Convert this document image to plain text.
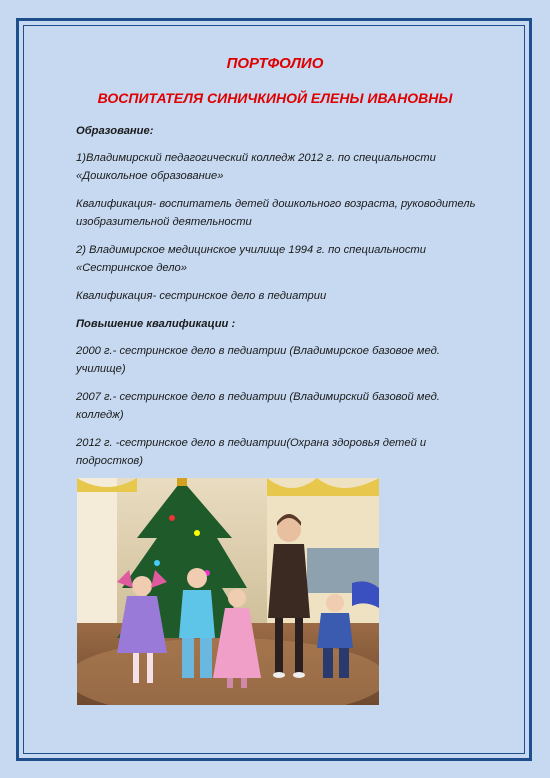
ПОРТФОЛИО
ВОСПИТАТЕЛЯ СИНИЧКИНОЙ ЕЛЕНЫ ИВАНОВНЫ
Образование:
1)Владимирский педагогический колледж 2012 г. по специальности
«Дошкольное образование»
Квалификация- воспитатель детей дошкольного возраста, руководитель
изобразительной деятельности
2) Владимирское медицинское училище 1994 г. по специальности
«Сестринское дело»
Квалификация- сестринское дело в педиатрии
Повышение квалификации :
2000 г.- сестринское дело в педиатрии (Владимирское базовое мед.
училище)
2007 г.- сестринское дело в педиатрии (Владимирский базовой мед.
колледж)
2012 г. -сестринское дело в педиатрии(Охрана здоровья детей и
подростков)
